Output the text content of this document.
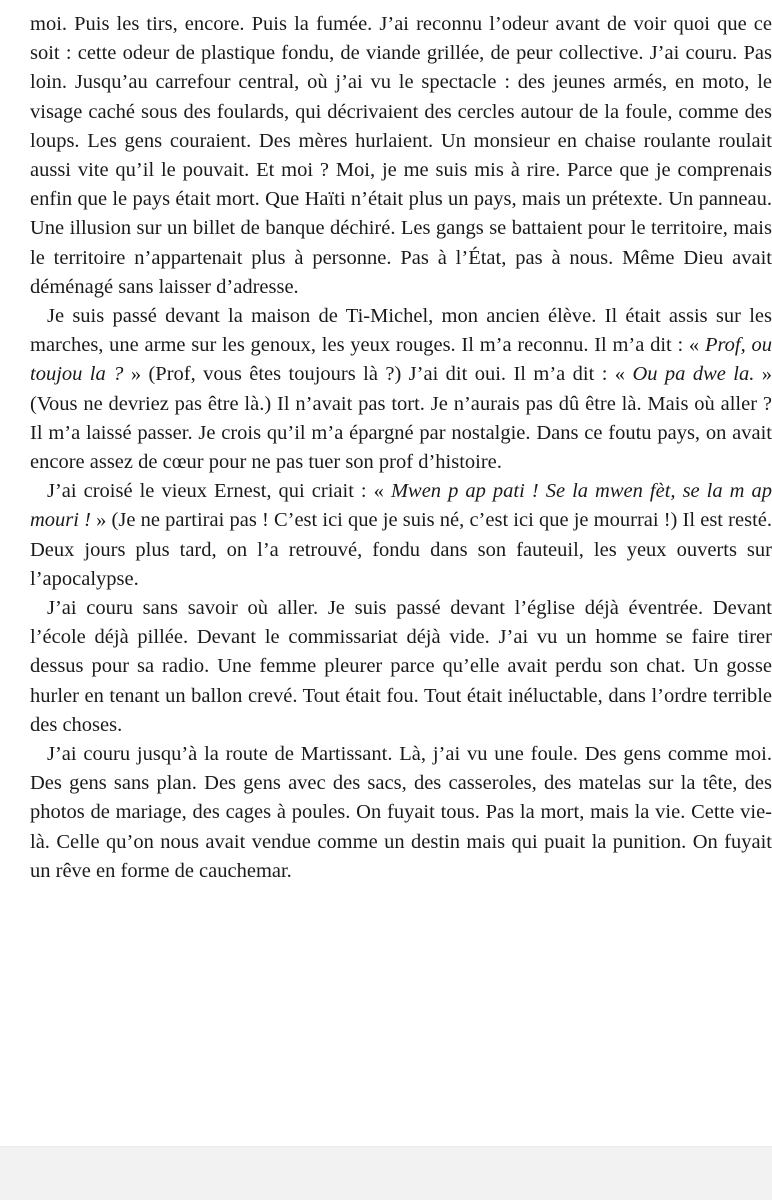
moi. Puis les tirs, encore. Puis la fumée. J’ai reconnu l’odeur avant de voir quoi que ce soit : cette odeur de plastique fondu, de viande grillée, de peur collective. J’ai couru. Pas loin. Jusqu’au carrefour central, où j’ai vu le spectacle : des jeunes armés, en moto, le visage caché sous des foulards, qui décrivaient des cercles autour de la foule, comme des loups. Les gens couraient. Des mères hurlaient. Un monsieur en chaise roulante roulait aussi vite qu’il le pouvait. Et moi ? Moi, je me suis mis à rire. Parce que je comprenais enfin que le pays était mort. Que Haïti n’était plus un pays, mais un prétexte. Un panneau. Une illusion sur un billet de banque déchiré. Les gangs se battaient pour le territoire, mais le territoire n’appartenait plus à personne. Pas à l’État, pas à nous. Même Dieu avait déménagé sans laisser d’adresse.

Je suis passé devant la maison de Ti-Michel, mon ancien élève. Il était assis sur les marches, une arme sur les genoux, les yeux rouges. Il m’a reconnu. Il m’a dit : « Prof, ou toujou la ? » (Prof, vous êtes toujours là ?) J’ai dit oui. Il m’a dit : « Ou pa dwe la. » (Vous ne devriez pas être là.) Il n’avait pas tort. Je n’aurais pas dû être là. Mais où aller ? Il m’a laissé passer. Je crois qu’il m’a épargné par nostalgie. Dans ce foutu pays, on avait encore assez de cœur pour ne pas tuer son prof d’histoire.

J’ai croisé le vieux Ernest, qui criait : « Mwen p ap pati ! Se la mwen fèt, se la m ap mouri ! » (Je ne partirai pas ! C’est ici que je suis né, c’est ici que je mourrai !) Il est resté. Deux jours plus tard, on l’a retrouvé, fondu dans son fauteuil, les yeux ouverts sur l’apocalypse.

J’ai couru sans savoir où aller. Je suis passé devant l’église déjà éventrée. Devant l’école déjà pillée. Devant le commissariat déjà vide. J’ai vu un homme se faire tirer dessus pour sa radio. Une femme pleurer parce qu’elle avait perdu son chat. Un gosse hurler en tenant un ballon crevé. Tout était fou. Tout était inéluctable, dans l’ordre terrible des choses.

J’ai couru jusqu’à la route de Martissant. Là, j’ai vu une foule. Des gens comme moi. Des gens sans plan. Des gens avec des sacs, des casseroles, des matelas sur la tête, des photos de mariage, des cages à poules. On fuyait tous. Pas la mort, mais la vie. Cette vie-là. Celle qu’on nous avait vendue comme un destin mais qui puait la punition. On fuyait un rêve en forme de cauchemar.
